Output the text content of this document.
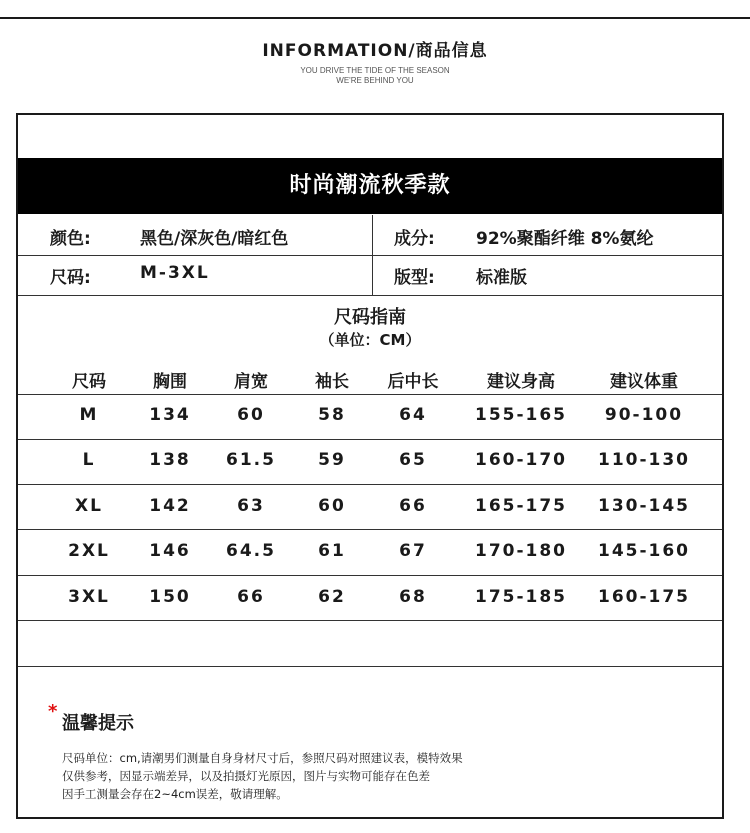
INFORMATION/商品信息
YOU DRIVE THE TIDE OF THE SEASON
WE'RE BEHIND YOU
时尚潮流秋季款
颜色:	黑色/深灰色/暗红色	成分: 92%聚酯纤维 8%氨纶
尺码:	M-3XL	版型: 标准版
尺码指南
（单位：CM）
尺码	胸围	肩宽	袖长	后中长	建议身高	建议体重
M	134	60	58	64	155-165	90-100
L	138	61.5	59	65	160-170	110-130
XL	142	63	60	66	165-175	130-145
2XL	146	64.5	61	67	170-180	145-160
3XL	150	66	62	68	175-185	160-175
*
温馨提示
尺码单位：cm,请潮男们测量自身身材尺寸后，参照尺码对照建议表，模特效果
仅供参考，因显示端差异，以及拍摄灯光原因，图片与实物可能存在色差
因手工测量会存在2~4cm误差，敬请理解。
